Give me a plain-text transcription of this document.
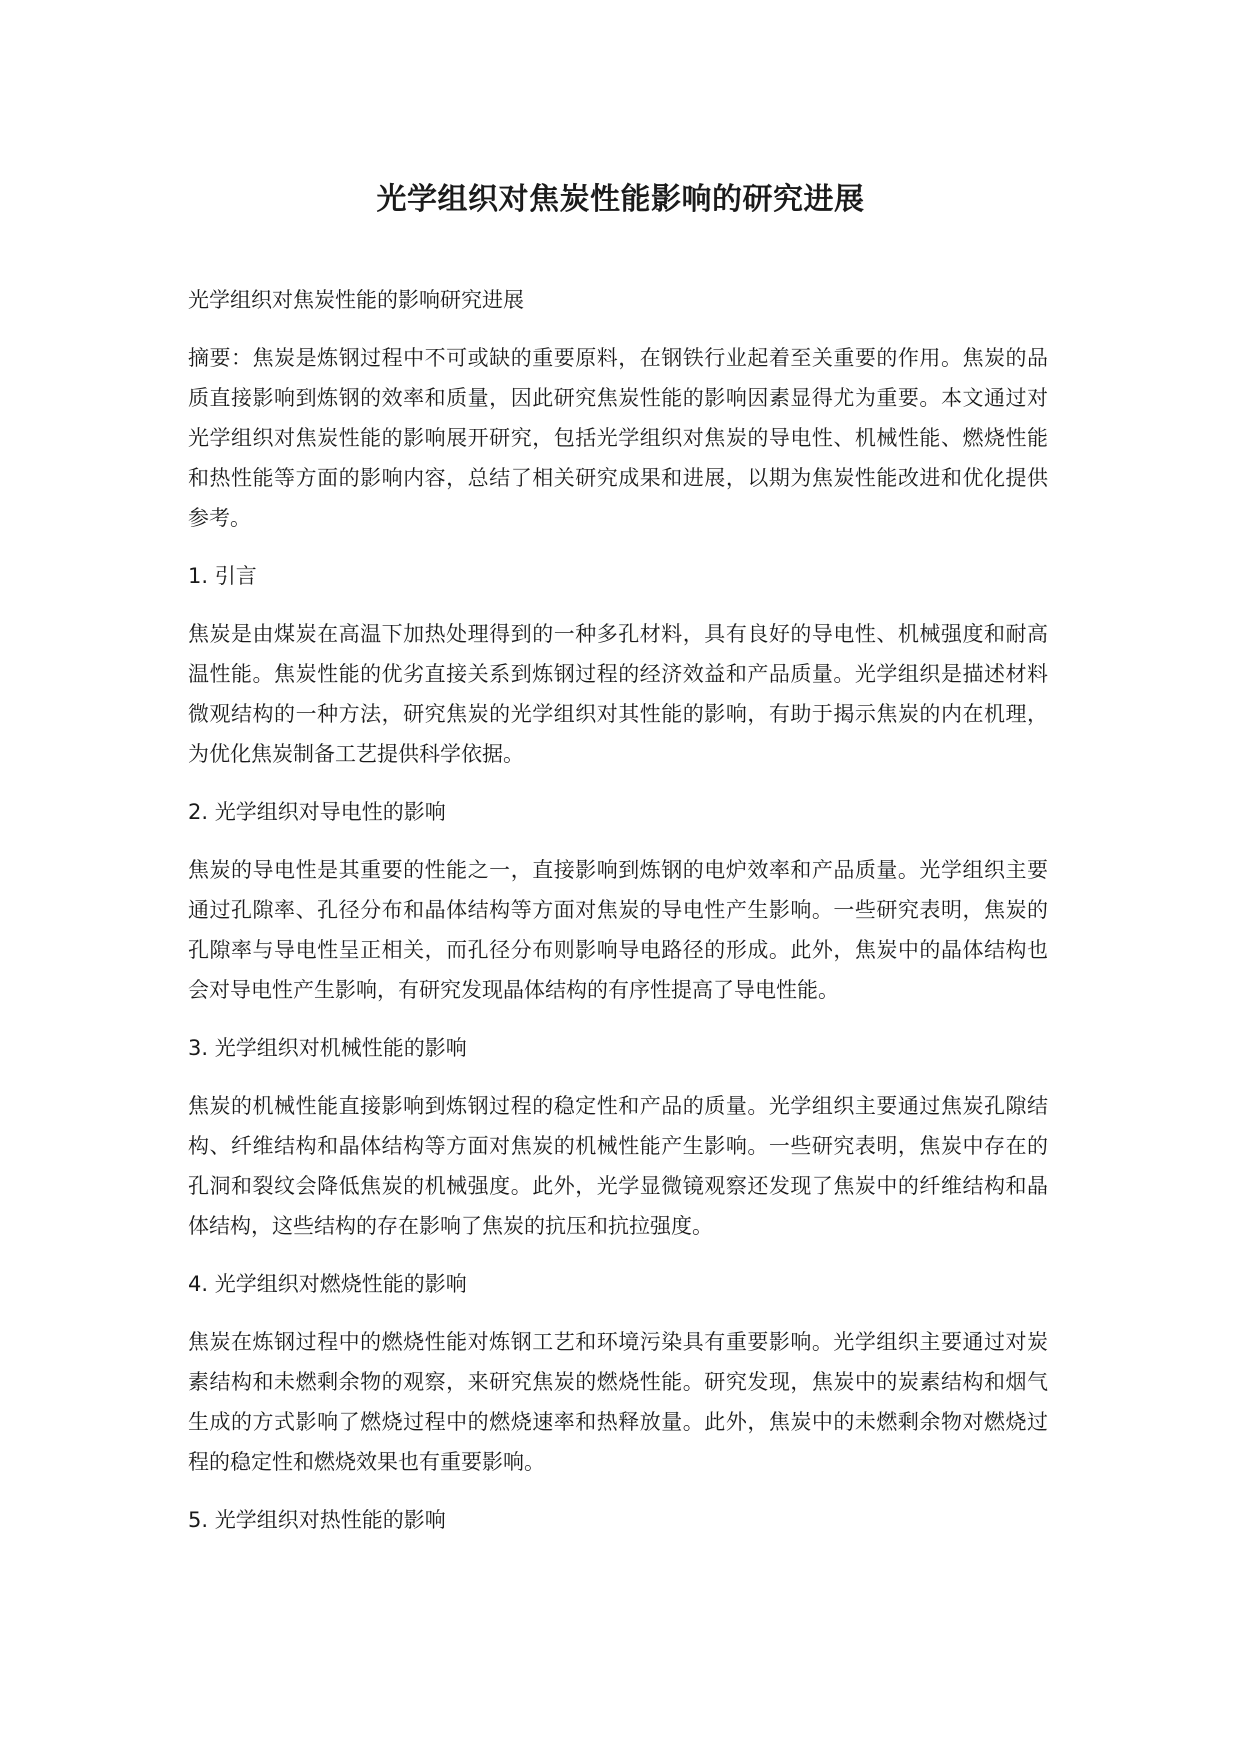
光学组织对焦炭性能影响的研究进展

光学组织对焦炭性能的影响研究进展

摘要：焦炭是炼钢过程中不可或缺的重要原料，在钢铁行业起着至关重要的作用。焦炭的品质直接影响到炼钢的效率和质量，因此研究焦炭性能的影响因素显得尤为重要。本文通过对光学组织对焦炭性能的影响展开研究，包括光学组织对焦炭的导电性、机械性能、燃烧性能和热性能等方面的影响内容，总结了相关研究成果和进展，以期为焦炭性能改进和优化提供参考。

1. 引言

焦炭是由煤炭在高温下加热处理得到的一种多孔材料，具有良好的导电性、机械强度和耐高温性能。焦炭性能的优劣直接关系到炼钢过程的经济效益和产品质量。光学组织是描述材料微观结构的一种方法，研究焦炭的光学组织对其性能的影响，有助于揭示焦炭的内在机理，为优化焦炭制备工艺提供科学依据。

2. 光学组织对导电性的影响

焦炭的导电性是其重要的性能之一，直接影响到炼钢的电炉效率和产品质量。光学组织主要通过孔隙率、孔径分布和晶体结构等方面对焦炭的导电性产生影响。一些研究表明，焦炭的孔隙率与导电性呈正相关，而孔径分布则影响导电路径的形成。此外，焦炭中的晶体结构也会对导电性产生影响，有研究发现晶体结构的有序性提高了导电性能。

3. 光学组织对机械性能的影响

焦炭的机械性能直接影响到炼钢过程的稳定性和产品的质量。光学组织主要通过焦炭孔隙结构、纤维结构和晶体结构等方面对焦炭的机械性能产生影响。一些研究表明，焦炭中存在的孔洞和裂纹会降低焦炭的机械强度。此外，光学显微镜观察还发现了焦炭中的纤维结构和晶体结构，这些结构的存在影响了焦炭的抗压和抗拉强度。

4. 光学组织对燃烧性能的影响

焦炭在炼钢过程中的燃烧性能对炼钢工艺和环境污染具有重要影响。光学组织主要通过对炭素结构和未燃剩余物的观察，来研究焦炭的燃烧性能。研究发现，焦炭中的炭素结构和烟气生成的方式影响了燃烧过程中的燃烧速率和热释放量。此外，焦炭中的未燃剩余物对燃烧过程的稳定性和燃烧效果也有重要影响。

5. 光学组织对热性能的影响
